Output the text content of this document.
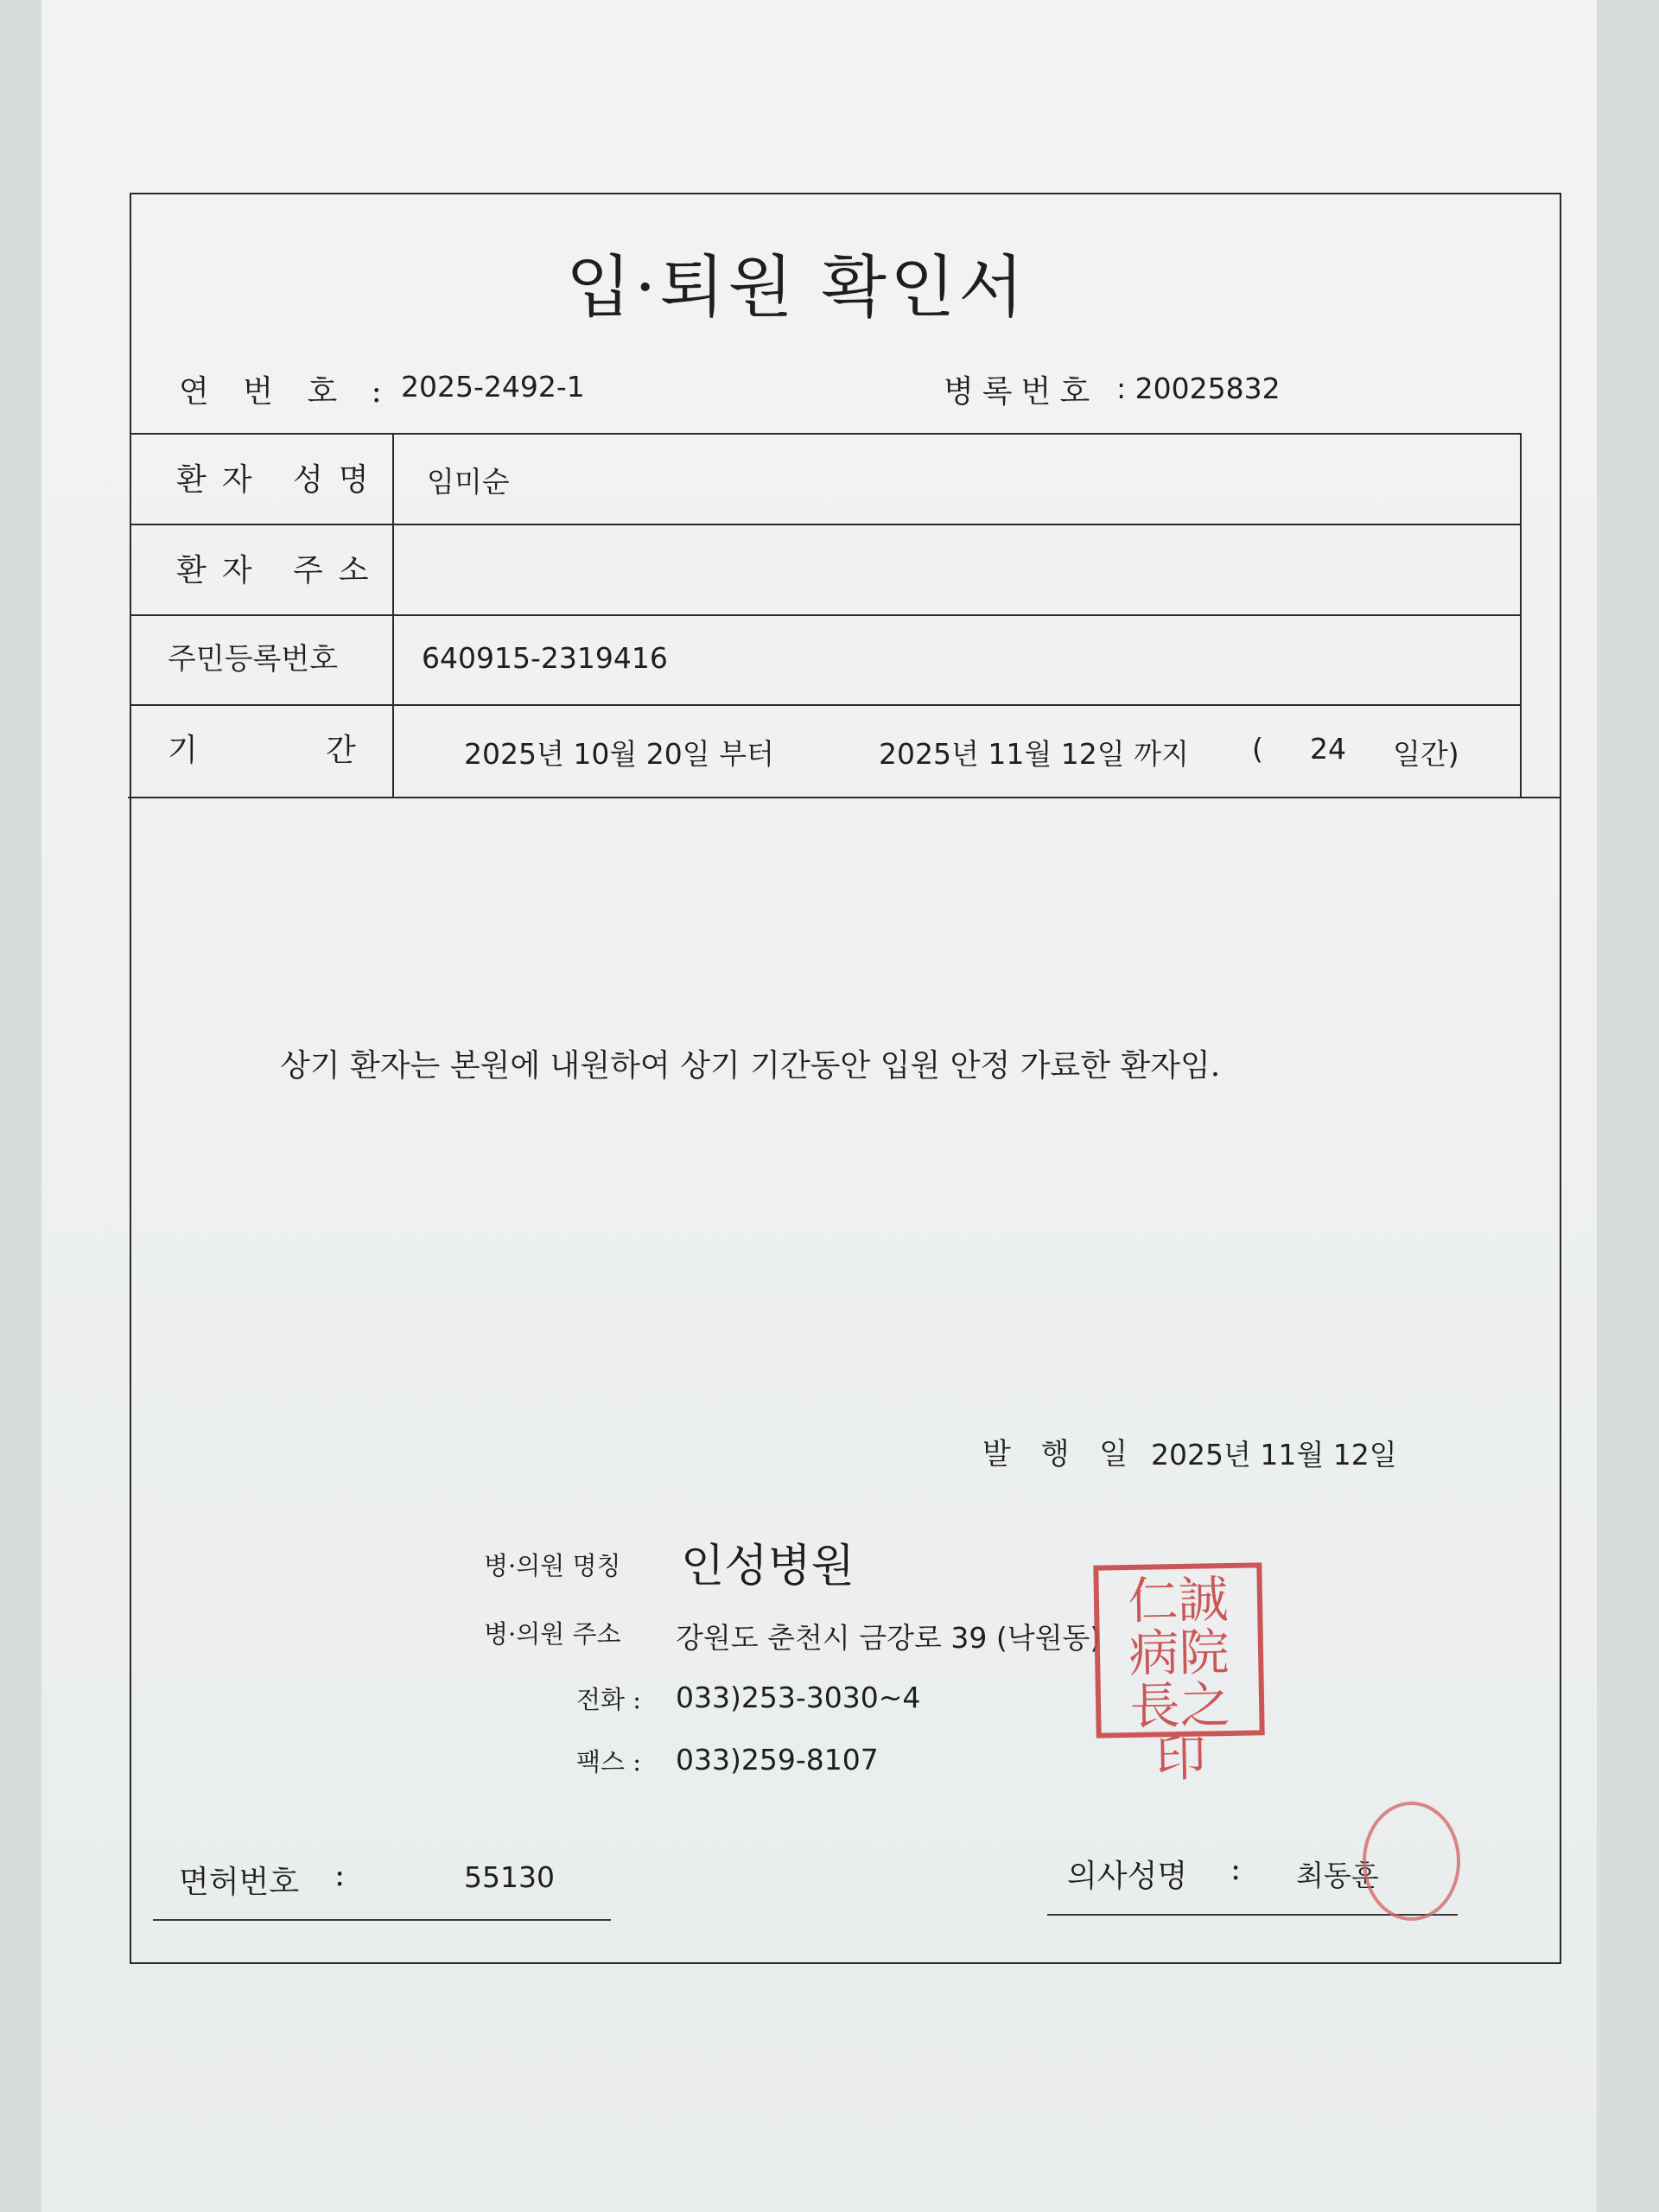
입·퇴원 확인서
연 번 호 : 2025-2492-1	병록번호 : 20025832
환자 성명 임미순
환자 주소
주민등록번호	640915-2319416
기	간	2025년 10월 20일 부터	2025년 11월 12일 까지 ( 24 일간)
상기 환자는 본원에 내원하여 상기 기간동안 입원 안정 가료한 환자임.
발 행 일 2025년 11월 12일
병·의원 명칭 인성병원
병·의원 주소 강원도 춘천시 금강로 39 (낙원동)
전화 : 033)253-3030~4
팩스 : 033)259-8107
仁誠病院長之印
면허번호 :	55130	의사성명 : 최동훈
